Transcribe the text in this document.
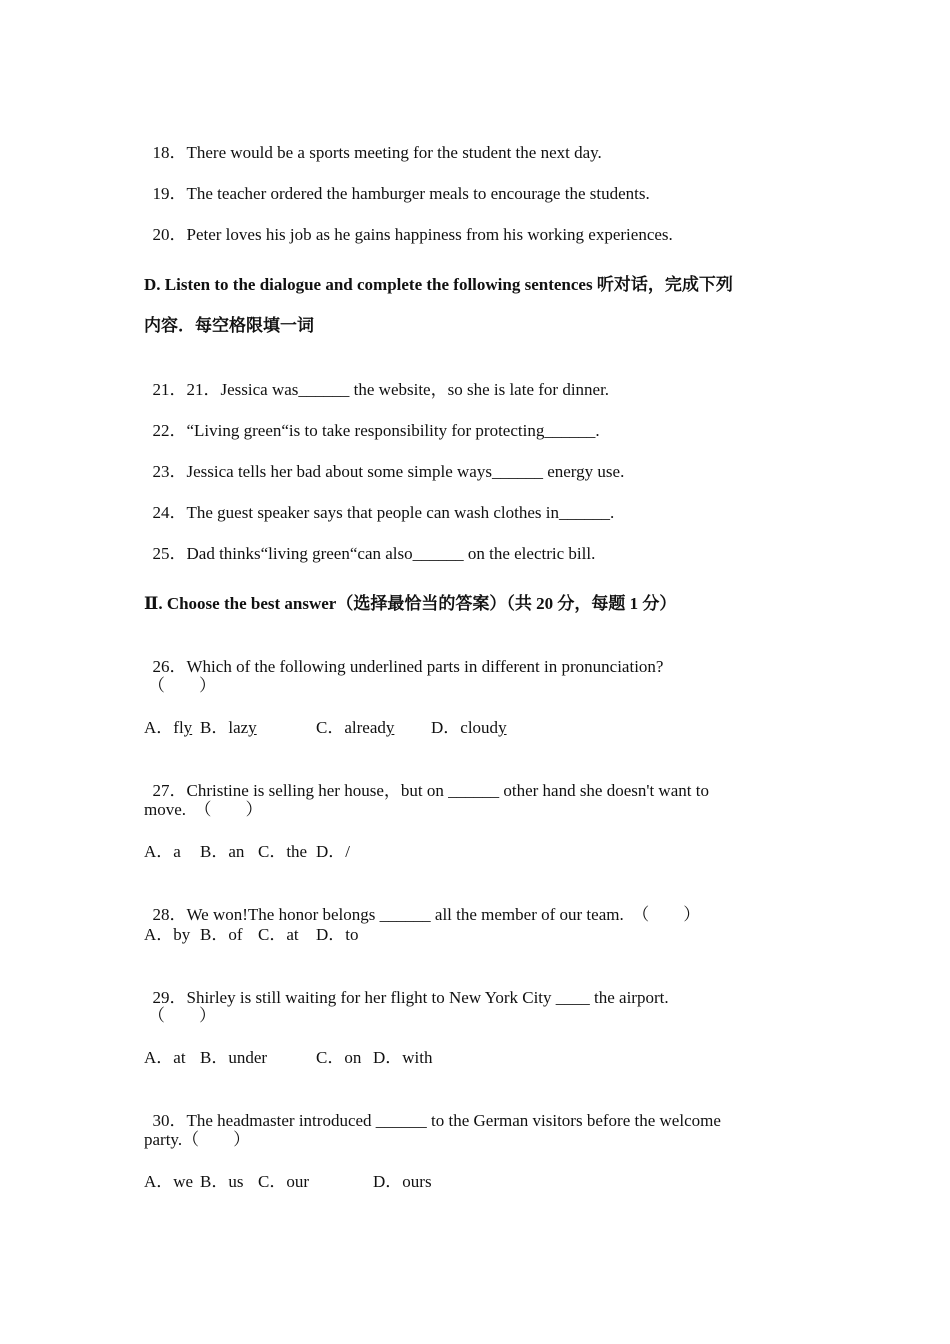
18．There would be a sports meeting for the student the next day.

19．The teacher ordered the hamburger meals to encourage the students.

20．Peter loves his job as he gains happiness from his working experiences.

D. Listen to the dialogue and complete the following sentences 听对话，完成下列
内容．每空格限填一词

21．21．Jessica was______ the website，so she is late for dinner.

22．“Living green“is to take responsibility for protecting______.

23．Jessica tells her bad about some simple ways______ energy use.

24．The guest speaker says that people can wash clothes in______.

25．Dad thinks“living green“can also______ on the electric bill.

Ⅱ. Choose the best answer（选择最恰当的答案）（共 20 分，每题 1 分）

26．Which of the following underlined parts in different in pronunciation?

（　　）
A．fly B．lazy	C．already D．cloudy

27．Christine is selling her house，but on ______ other hand she doesn't want to

move.　（　　）
A．a B．an C．the D．/

28．We won!The honor belongs ______ all the member of our team.　（　　）

A．by B．of C．at D．to

29．Shirley is still waiting for her flight to New York City ____ the airport.

（　　）
A．at B．under	C．on D．with

30．The headmaster introduced ______ to the German visitors before the welcome

party.（　　）
A．we B．us C．our	D．ours
